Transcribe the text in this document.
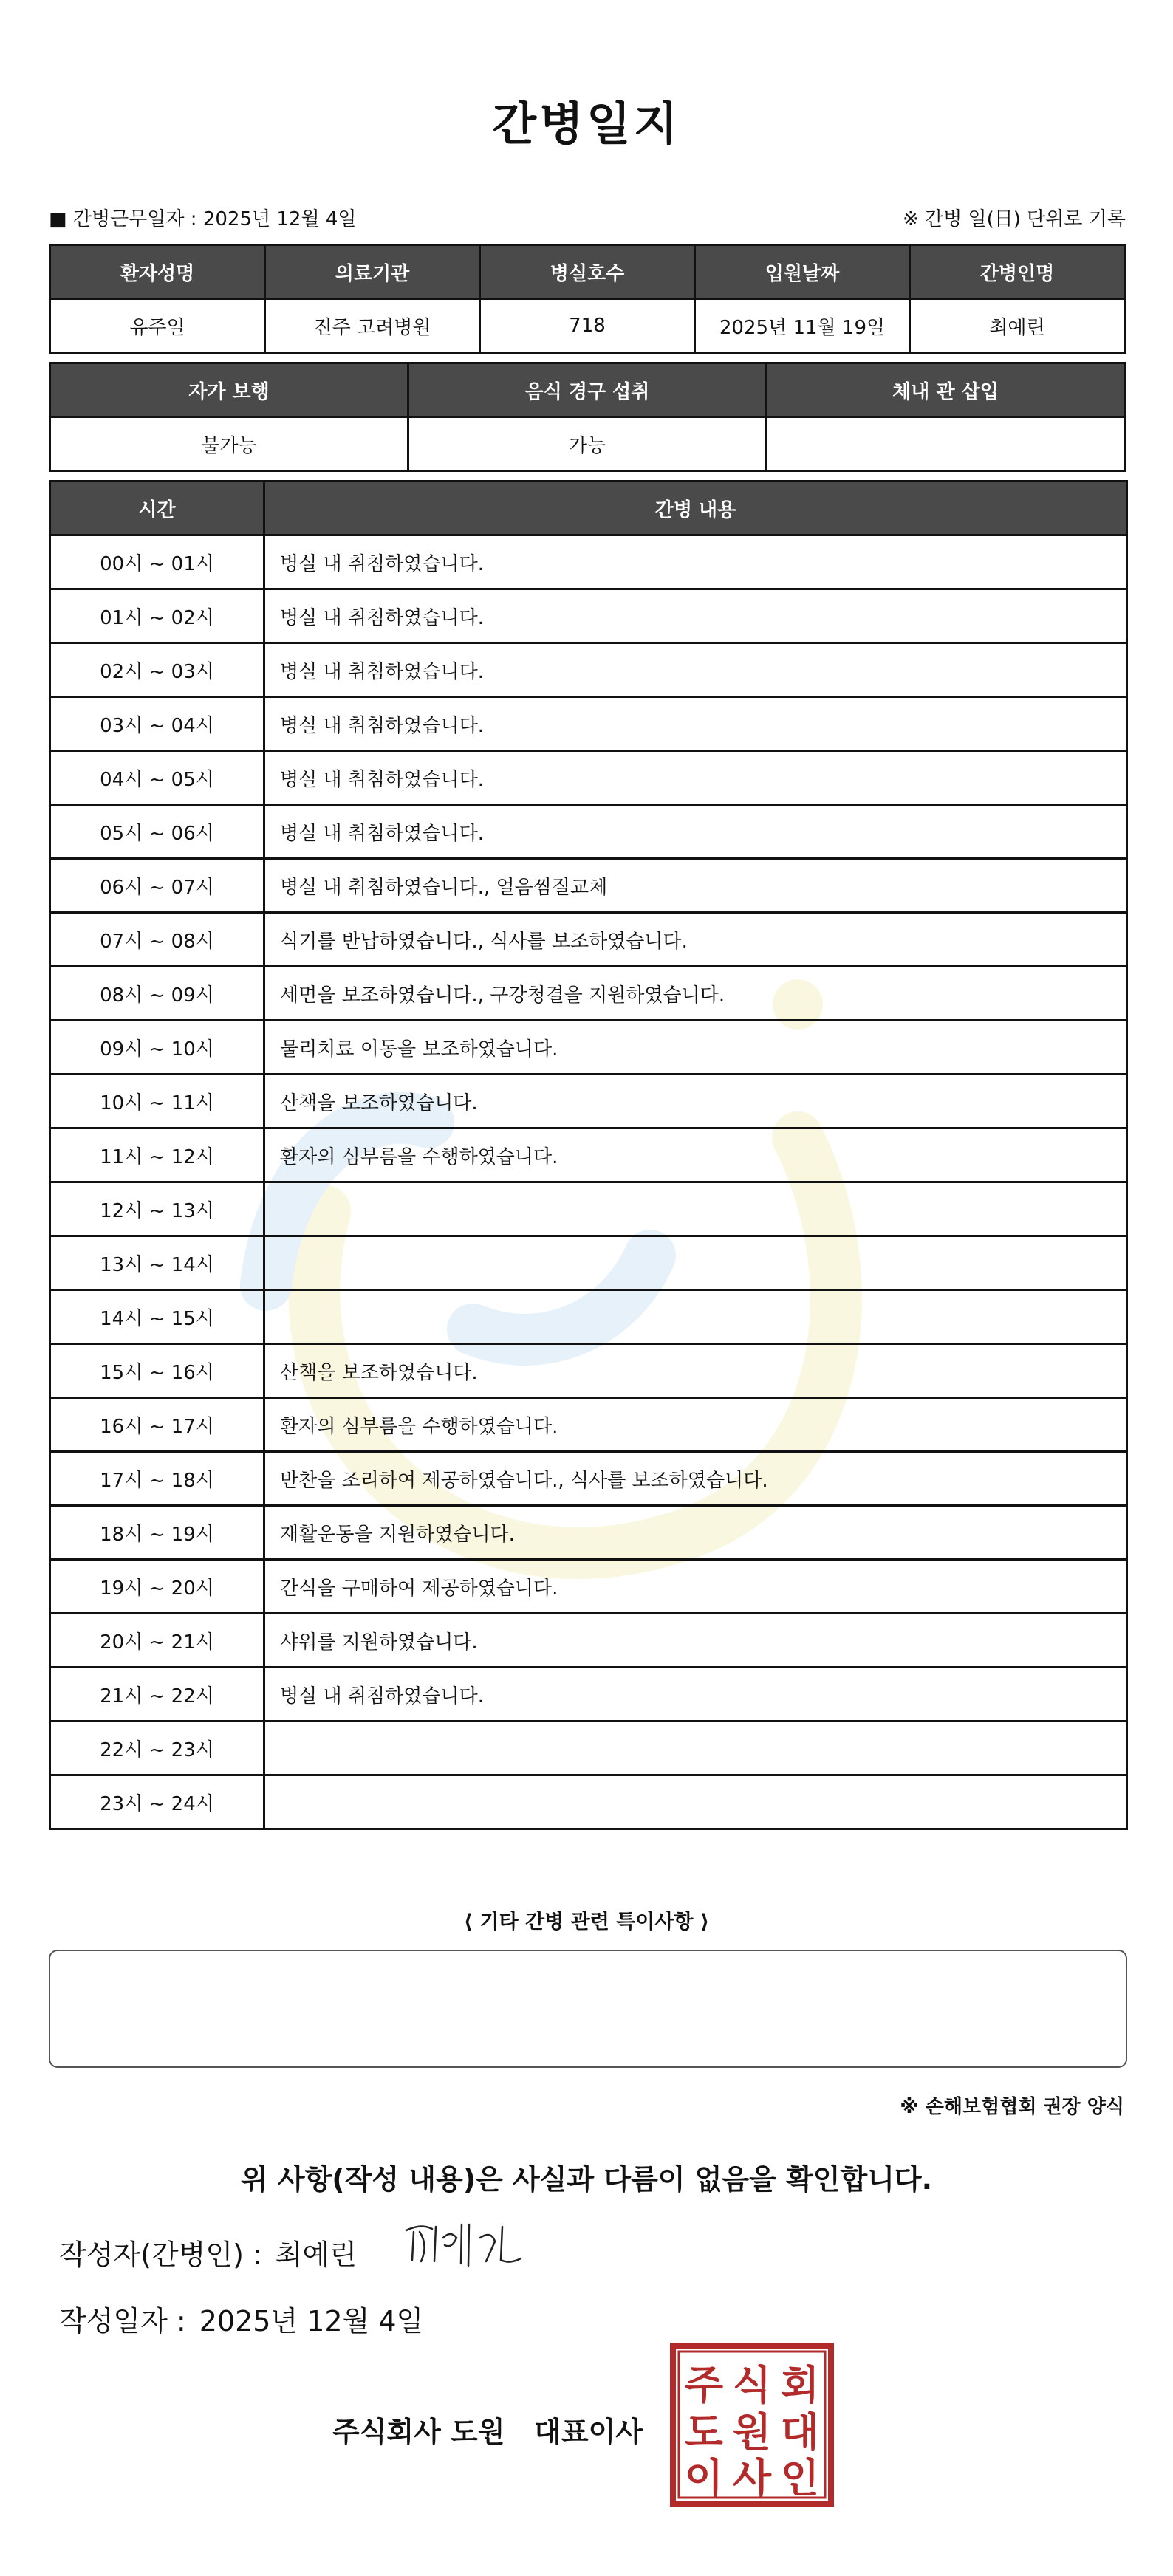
간병일지
■ 간병근무일자 : 2025년 12월 4일	※ 간병 일(日) 단위로 기록
환자성명	의료기관	병실호수	입원날짜	간병인명
유주일	진주 고려병원	718	2025년 11월 19일	최예린
자가 보행	음식 경구 섭취	체내 관 삽입
불가능	가능	
시간	간병 내용
00시 ~ 01시	병실 내 취침하였습니다.
01시 ~ 02시	병실 내 취침하였습니다.
02시 ~ 03시	병실 내 취침하였습니다.
03시 ~ 04시	병실 내 취침하였습니다.
04시 ~ 05시	병실 내 취침하였습니다.
05시 ~ 06시	병실 내 취침하였습니다.
06시 ~ 07시	병실 내 취침하였습니다., 얼음찜질교체
07시 ~ 08시	식기를 반납하였습니다., 식사를 보조하였습니다.
08시 ~ 09시	세면을 보조하였습니다., 구강청결을 지원하였습니다.
09시 ~ 10시	물리치료 이동을 보조하였습니다.
10시 ~ 11시	산책을 보조하였습니다.
11시 ~ 12시	환자의 심부름을 수행하였습니다.
12시 ~ 13시	
13시 ~ 14시	
14시 ~ 15시	
15시 ~ 16시	산책을 보조하였습니다.
16시 ~ 17시	환자의 심부름을 수행하였습니다.
17시 ~ 18시	반찬을 조리하여 제공하였습니다., 식사를 보조하였습니다.
18시 ~ 19시	재활운동을 지원하였습니다.
19시 ~ 20시	간식을 구매하여 제공하였습니다.
20시 ~ 21시	샤워를 지원하였습니다.
21시 ~ 22시	병실 내 취침하였습니다.
22시 ~ 23시	
23시 ~ 24시	
⟨ 기타 간병 관련 특이사항 ⟩
※ 손해보험협회 권장 양식
위 사항(작성 내용)은 사실과 다름이 없음을 확인합니다.
작성자(간병인) : 최예린
작성일자 : 2025년 12월 4일
주식회사 도원   대표이사
주 식 회
도 원 대
이 사 인
